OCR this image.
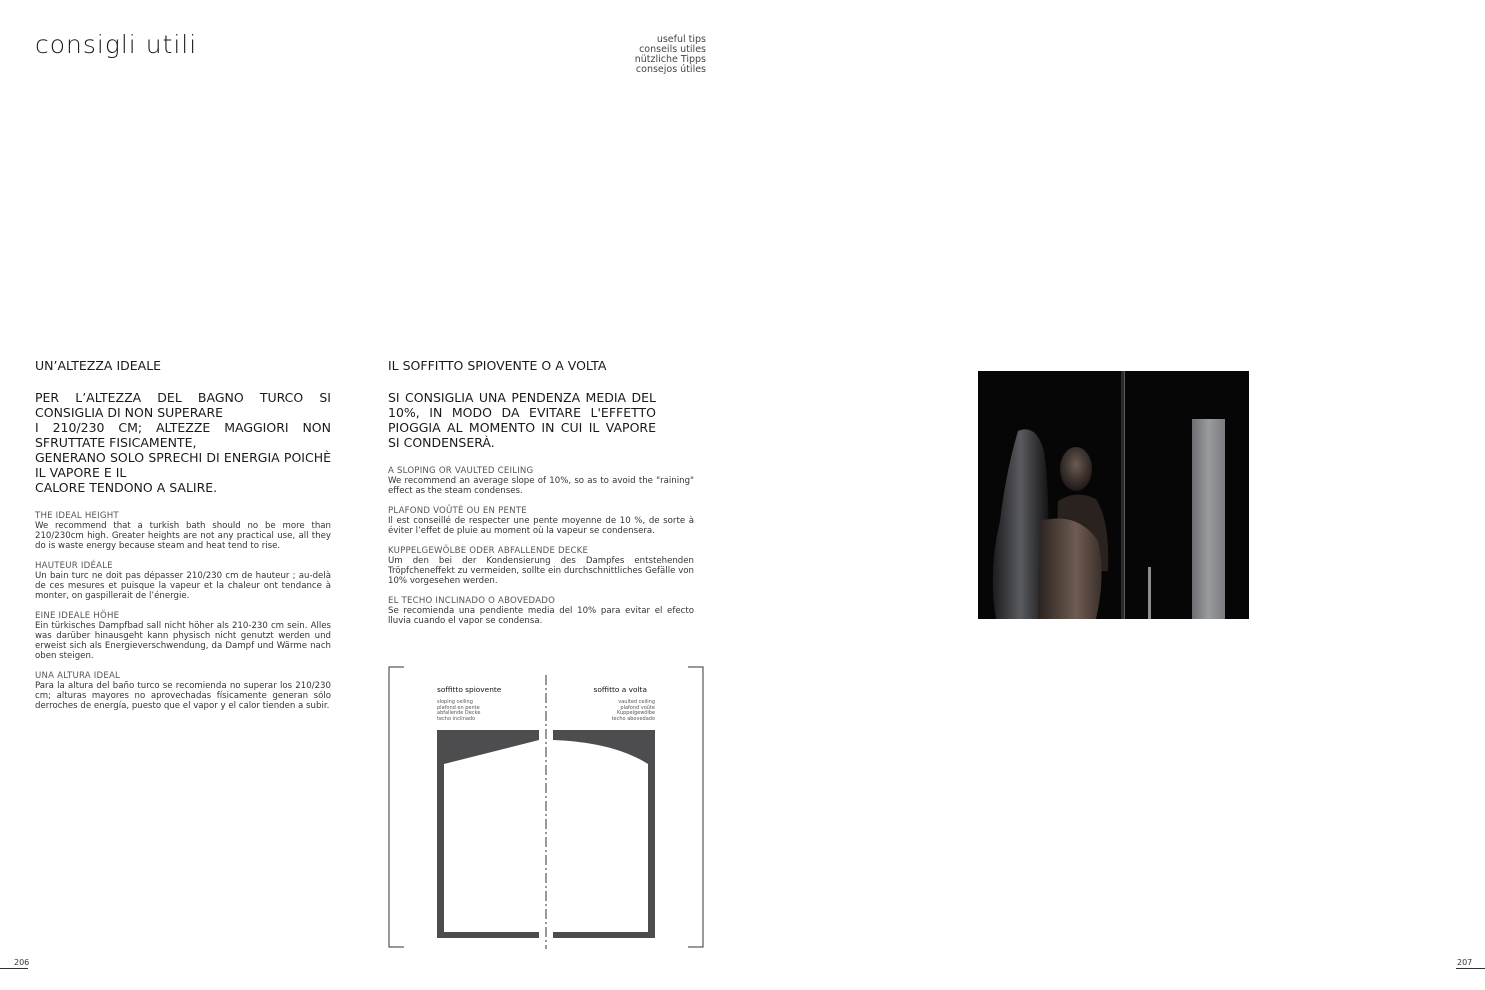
consigli utili	useful tips
conseils utiles
nützliche Tipps
consejos útiles
UN’ALTEZZA IDEALE
PER L’ALTEZZA DEL BAGNO TURCO SI CONSIGLIA DI NON SUPERARE
I 210/230 CM; ALTEZZE MAGGIORI NON SFRUTTATE FISICAMENTE,
GENERANO SOLO SPRECHI DI ENERGIA POICHÈ IL VAPORE E IL
CALORE TENDONO A SALIRE.
THE IDEAL HEIGHT
We recommend that a turkish bath should no be more than 210/230cm high. Greater heights are not any practical use, all they do is waste energy because steam and heat tend to rise.
HAUTEUR IDÉALE
Un bain turc ne doit pas dépasser 210/230 cm de hauteur ; au-delà de ces mesures et puisque la vapeur et la chaleur ont tendance à monter, on gaspillerait de l’énergie.
EINE IDEALE HÖHE
Ein türkisches Dampfbad sall nicht höher als 210-230 cm sein. Alles was darüber hinausgeht kann physisch nicht genutzt werden und erweist sich als Energieverschwendung, da Dampf und Wärme nach oben steigen.
UNA ALTURA IDEAL
Para la altura del baño turco se recomienda no superar los 210/230 cm; alturas mayores no aprovechadas físicamente generan sólo derroches de energía, puesto que el vapor y el calor tienden a subir.
IL SOFFITTO SPIOVENTE O A VOLTA
SI CONSIGLIA UNA PENDENZA MEDIA DEL 10%, IN MODO DA EVITARE L'EFFETTO PIOGGIA AL MOMENTO IN CUI IL VAPORE SI CONDENSERÀ.
A SLOPING OR VAULTED CEILING
We recommend an average slope of 10%, so as to avoid the "raining" effect as the steam condenses.
PLAFOND VOÛTÉ OU EN PENTE
Il est conseillé de respecter une pente moyenne de 10 %, de sorte à éviter l’effet de pluie au moment où la vapeur se condensera.
KUPPELGEWÖLBE ODER ABFALLENDE DECKE
Um den bei der Kondensierung des Dampfes entstehenden Tröpfcheneffekt zu vermeiden, sollte ein durchschnittliches Gefälle von 10% vorgesehen werden.
EL TECHO INCLINADO O ABOVEDADO
Se recomienda una pendiente media del 10% para evitar el efecto lluvia cuando el vapor se condensa.
soffitto spiovente
sloping ceiling
plafond en pente
abfallende Decke
techo inclinado
soffitto a volta
vaulted ceiling
plafond voûte
Kuppelgewölbe
techo abovedado
206	207
